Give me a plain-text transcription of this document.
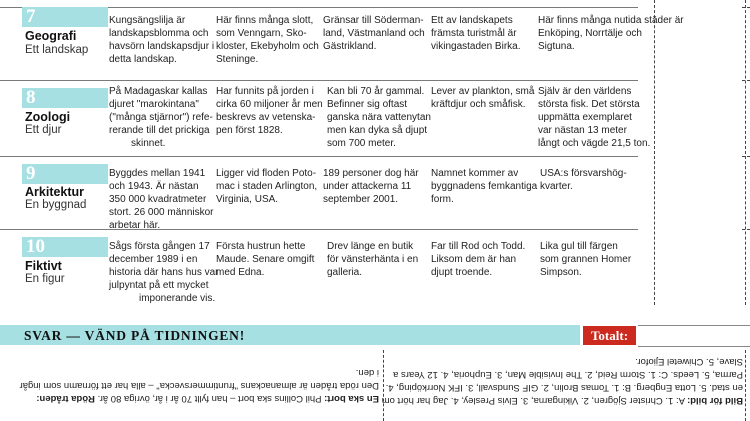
7
Geografi
Ett landskap
Kungsängslilja är
landskapsblomma och
havsörn landskapsdjur i
detta landskap.
Här finns många slott,
som Venngarn, Sko-
kloster, Ekebyholm och
Steninge.
Gränsar till Söderman-
land, Västmanland och
Gästrikland.
Ett av landskapets
främsta turistmål är
vikingastaden Birka.
Här finns många nutida städer är
Enköping, Norrtälje och
Sigtuna.
8
Zoologi
Ett djur
På Madagaskar kallas
djuret "marokintana"
("många stjärnor") refe-
rerande till det prickiga
skinnet.
Har funnits på jorden i
cirka 60 miljoner år men
beskrevs av vetenska-
pen först 1828.
Kan bli 70 år gammal.
Befinner sig oftast
ganska nära vattenytan
men kan dyka så djupt
som 700 meter.
Lever av plankton, små
kräftdjur och småfisk.
Själv är den världens
största fisk. Det största
uppmätta exemplaret
var nästan 13 meter
långt och vägde 21,5 ton.
9
Arkitektur
En byggnad
Byggdes mellan 1941
och 1943. Är nästan
350 000 kvadratmeter
stort. 26 000 människor
arbetar här.
Ligger vid floden Poto-
mac i staden Arlington,
Virginia, USA.
189 personer dog här
under attackerna 11
september 2001.
Namnet kommer av
byggnadens femkantiga
form.
USA:s försvarshög-
kvarter.
10
Fiktivt
En figur
Sågs första gången 17
december 1989 i en
historia där hans hus var
julpyntat på ett mycket
imponerande vis.
Första hustrun hette
Maude. Senare omgift
med Edna.
Drev länge en butik
för vänsterhänta i en
galleria.
Far till Rod och Todd.
Liksom dem är han
djupt troende.
Lika gul till färgen
som grannen Homer
Simpson.
SVAR — VÄND PÅ TIDNINGEN!	Totalt:
En ska bort: Phil Collins ska bort – han fyllt 70 år i år, övriga 80 år. Röda tråden:
Den röda tråden är almanackans "fruntimmersvecka" – alla har ett förnamn som ingår
i den.
Bild för bild: A: 1. Christer Sjögren, 2. Vikingarna, 3. Elvis Presley, 4. Jag har hört om
en stad. 5. Lotta Engberg. B: 1. Tomas Brolin, 2. GIF Sundsvall, 3. IFK Norrköping, 4.
Parma, 5. Leeds. C: 1. Storm Reid, 2. The Invisible Man, 3. Euphoria, 4. 12 Years a
Slave, 5. Chiwetel Ejiofor.
